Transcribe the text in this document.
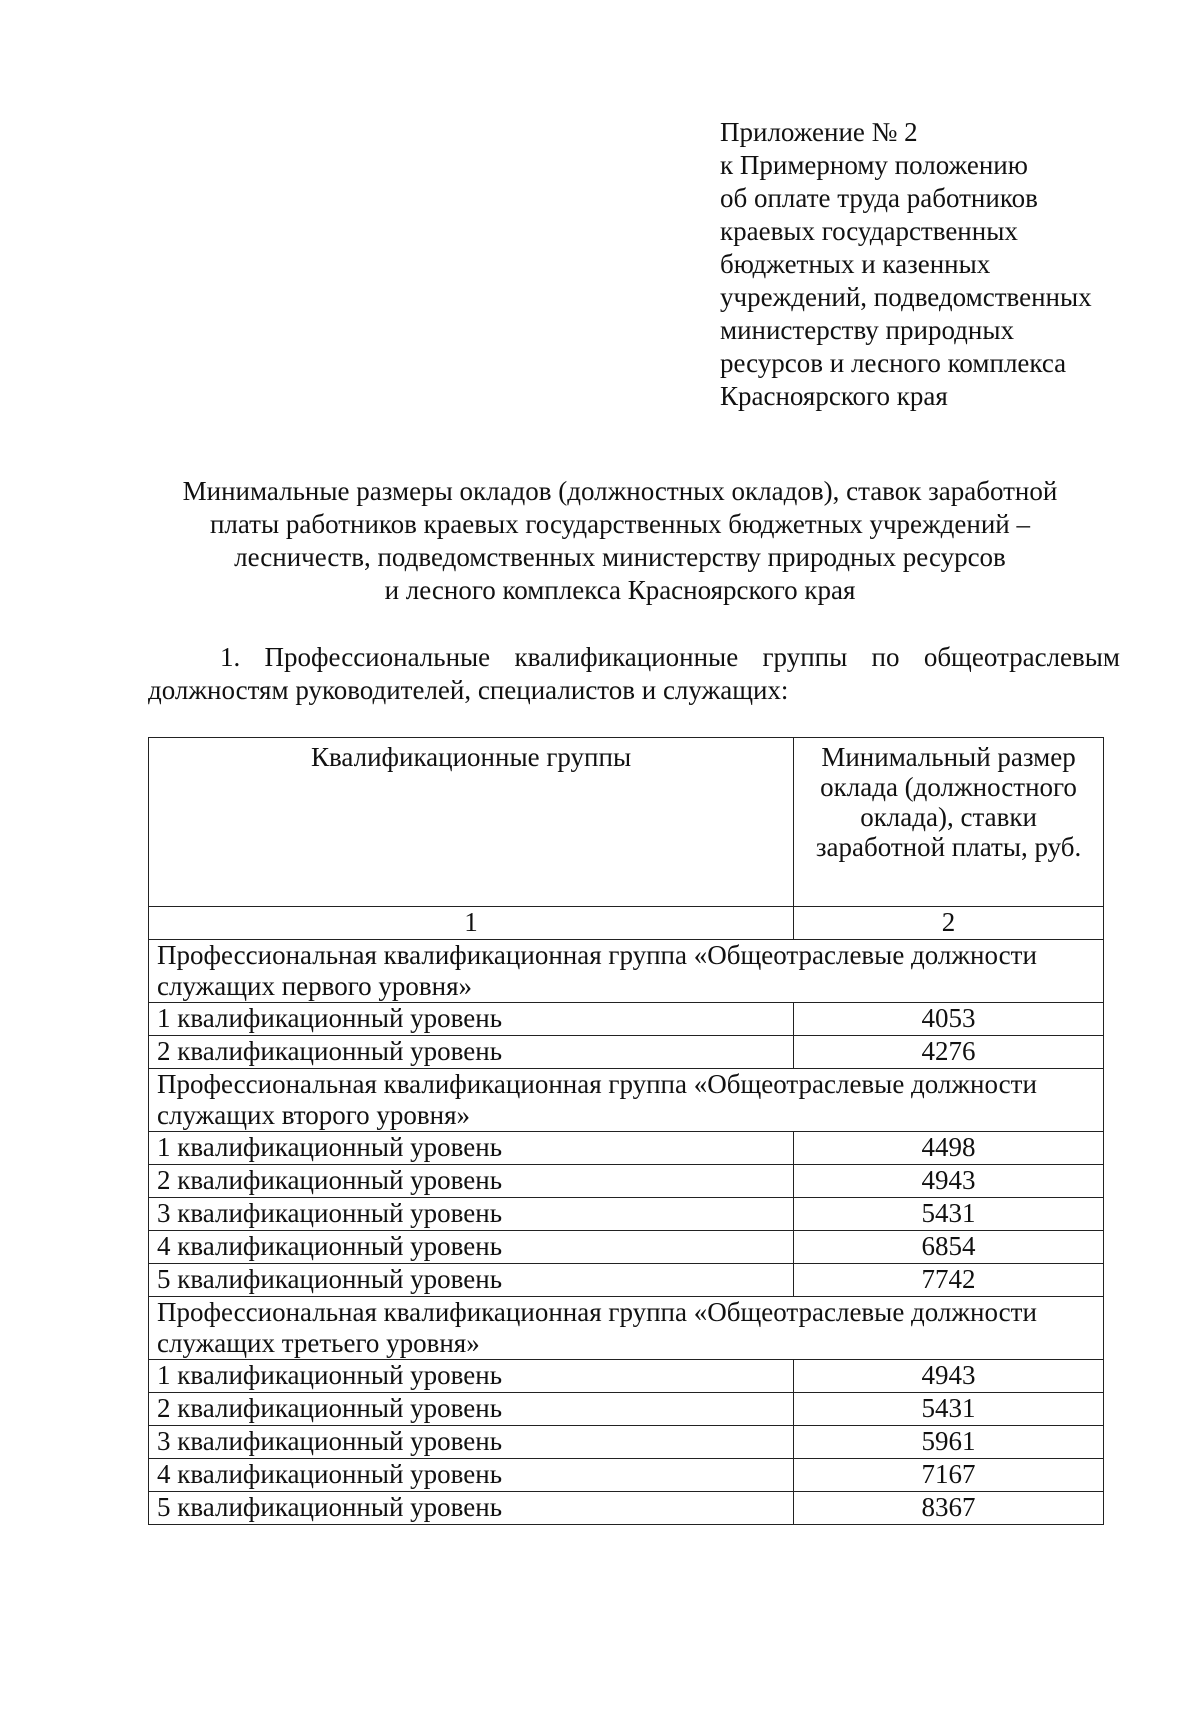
Приложение № 2
к Примерному положению
об оплате труда работников
краевых государственных
бюджетных и казенных
учреждений, подведомственных
министерству природных
ресурсов и лесного комплекса
Красноярского края
Минимальные размеры окладов (должностных окладов), ставок заработной
платы работников краевых государственных бюджетных учреждений –
лесничеств, подведомственных министерству природных ресурсов
и лесного комплекса Красноярского края
1. Профессиональные квалификационные группы по общеотраслевым
должностям руководителей, специалистов и служащих:
Квалификационные группы	Минимальный размер оклада (должностного оклада), ставки заработной платы, руб.
1	2
Профессиональная квалификационная группа «Общеотраслевые должности служащих первого уровня»	
1 квалификационный уровень	4053
2 квалификационный уровень	4276
Профессиональная квалификационная группа «Общеотраслевые должности служащих второго уровня»	
1 квалификационный уровень	4498
2 квалификационный уровень	4943
3 квалификационный уровень	5431
4 квалификационный уровень	6854
5 квалификационный уровень	7742
Профессиональная квалификационная группа «Общеотраслевые должности служащих третьего уровня»	
1 квалификационный уровень	4943
2 квалификационный уровень	5431
3 квалификационный уровень	5961
4 квалификационный уровень	7167
5 квалификационный уровень	8367
